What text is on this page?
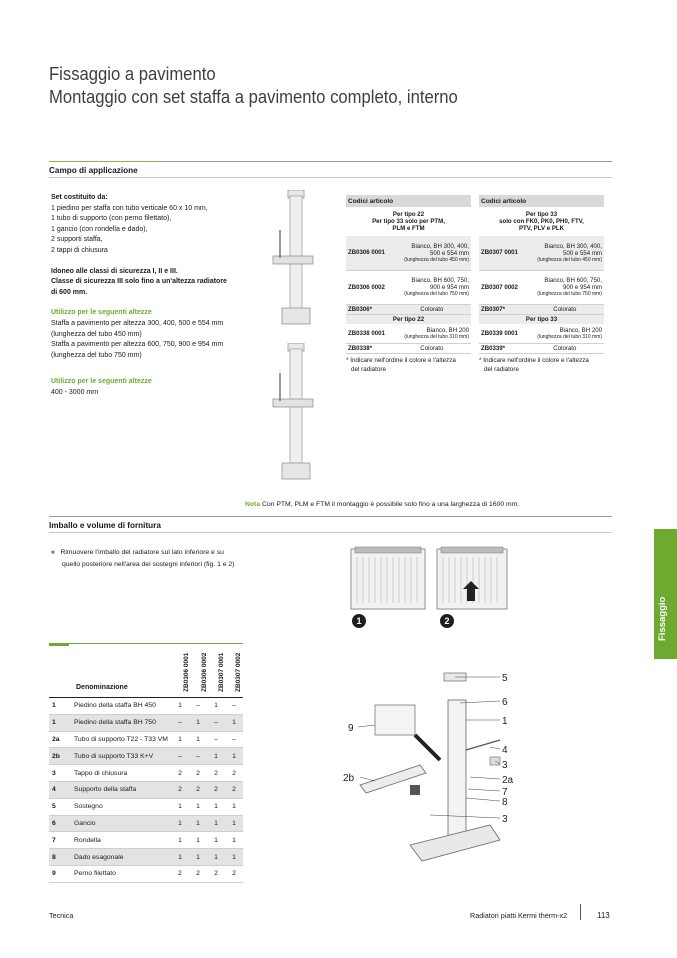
Fissaggio a pavimento
Montaggio con set staffa a pavimento completo, interno
Campo di applicazione
Set costituito da:
1 piedino per staffa con tubo verticale 60 x 10 mm,
1 tubo di supporto (con perno filettato),
1 gancio (con rondella e dado),
2 supporti staffa,
2 tappi di chiusura
Idoneo alle classi di sicurezza I, II e III.
Classe di sicurezza III solo fino a un'altezza radiatore
di 600 mm.
Utilizzo per le seguenti altezze
Staffa a pavimento per altezza 300, 400, 500 e 554 mm
(lunghezza del tubo 450 mm)
Staffa a pavimento per altezza 600, 750, 900 e 954 mm
(lunghezza del tubo 750 mm)
Utilizzo per le seguenti altezze
400 - 3000 mm
Codici articolo	

Per tipo 22
Per tipo 33 solo per PTM,
PLM e FTM	

ZB0306 0001	Bianco, BH 300, 400,
500 e 554 mm
(lunghezza del tubo 450 mm)

ZB0306 0002	Bianco, BH 600, 750,
900 e 954 mm
(lunghezza del tubo 750 mm)

ZB0306*	Colorato
Per tipo 22	
ZB0338 0001	Bianco, BH 200
(lunghezza del tubo 310 mm)

ZB0338*	Colorato
* Indicare nell'ordine il colore e l'altezza
del radiatore
Codici articolo	

Per tipo 33
solo con FK0, PK0, PH0, FTV,
PTV, PLV e PLK	

ZB0307 0001	Bianco, BH 300, 400,
500 e 554 mm
(lunghezza del tubo 450 mm)

ZB0307 0002	Bianco, BH 600, 750,
900 e 954 mm
(lunghezza del tubo 750 mm)

ZB0307*	Colorato
Per tipo 33	
ZB0339 0001	Bianco, BH 200
(lunghezza del tubo 310 mm)

ZB0339*	Colorato
* Indicare nell'ordine il colore e l'altezza
del radiatore
Nota Con PTM, PLM e FTM il montaggio è possibile solo fino a una larghezza di 1600 mm.
Imballo e volume di fornitura
■ Rimuovere l'imballo del radiatore sul lato inferiore e su
quello posteriore nell'area dei sostegni inferiori (fig. 1 e 2)
1	2
Denominazione	ZB0306 0001 ZB0306 0002 ZB0307 0001 ZB0307 0002
1	Piedino della staffa BH 450	1	–	1	–
1	Piedino della staffa BH 750	–	1	–	1
2a	Tubo di supporto T22 - T33 VM	1	1	–	–
2b	Tubo di supporto T33 K+V	–	–	1	1
3	Tappo di chiusura	2	2	2	2
4	Supporto della staffa	2	2	2	2
5	Sostegno	1	1	1	1
6	Gancio	1	1	1	1
7	Rondella	1	1	1	1
8	Dado esagonale	1	1	1	1
9	Perno filettato	2	2	2	2
5
6
1
9
4
3
2b	2a
7
8
3
Fissaggio
Tecnica	Radiatori piatti Kermi therm-x2	113
